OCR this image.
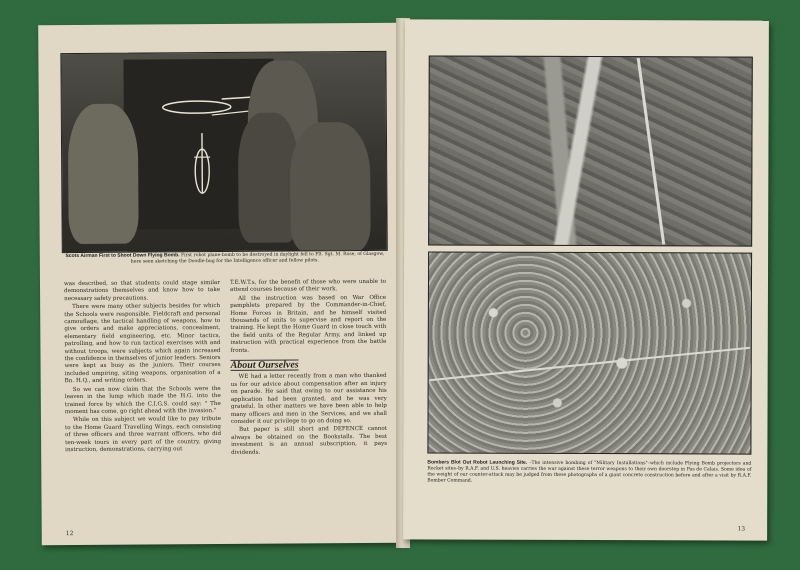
Scots Airman First to Shoot Down Flying Bomb. First robot plane-bomb to be destroyed in daylight fell to Flt. Sgt. M. Rose, of Glasgow, here seen sketching the Doodle-bug for the Intelligence officer and fellow pilots.

was described, so that students could stage similar demonstrations themselves and know how to take necessary safety precautions.

There were many other subjects besides for which the Schools were responsible. Fieldcraft and personal camouflage, the tactical handling of weapons, how to give orders and make appreciations, concealment, elementary field engineering, etc. Minor tactics, patrolling, and how to run tactical exercises with and without troops, were subjects which again increased the confidence in themselves of junior leaders. Seniors were kept as busy as the juniors. Their courses included umpiring, siting weapons, organisation of a Bn. H.Q., and writing orders.

So we can now claim that the Schools were the leaven in the lump which made the H.G. into the trained force by which the C.I.G.S. could say: " The moment has come, go right ahead with the invasion."

While on this subject we would like to pay tribute to the Home Guard Travelling Wings, each consisting of three officers and three warrant officers, who did ten-week tours in every part of the country, giving instruction, demonstrations, carrying out

T.E.W.T.s, for the benefit of those who were unable to attend courses because of their work.

All the instruction was based on War Office pamphlets prepared by the Commander-in-Chief, Home Forces in Britain, and he himself visited thousands of units to supervise and report on the training. He kept the Home Guard in close touch with the field units of the Regular Army, and linked up instruction with practical experience from the battle fronts.

About Ourselves

WE had a letter recently from a man who thanked us for our advice about compensation after an injury on parade. He said that owing to our assistance his application had been granted, and he was very grateful. In other matters we have been able to help many officers and men in the Services, and we shall consider it our privilege to go on doing so.

But paper is still short and DEFENCE cannot always be obtained on the Bookstalls. The best investment is an annual subscription, it pays dividends.

12
Bombers Blot Out Robot Launching Site. –The intensive bombing of "Military Installations"–which include Flying Bomb projectors and Rocket sites–by R.A.F. and U.S. heavies carries the war against these terror weapons to their own doorstep in Pas de Calais. Some idea of the weight of our counter-attack may be judged from these photographs of a giant concrete construction before and after a visit by R.A.F. Bomber Command.
13
